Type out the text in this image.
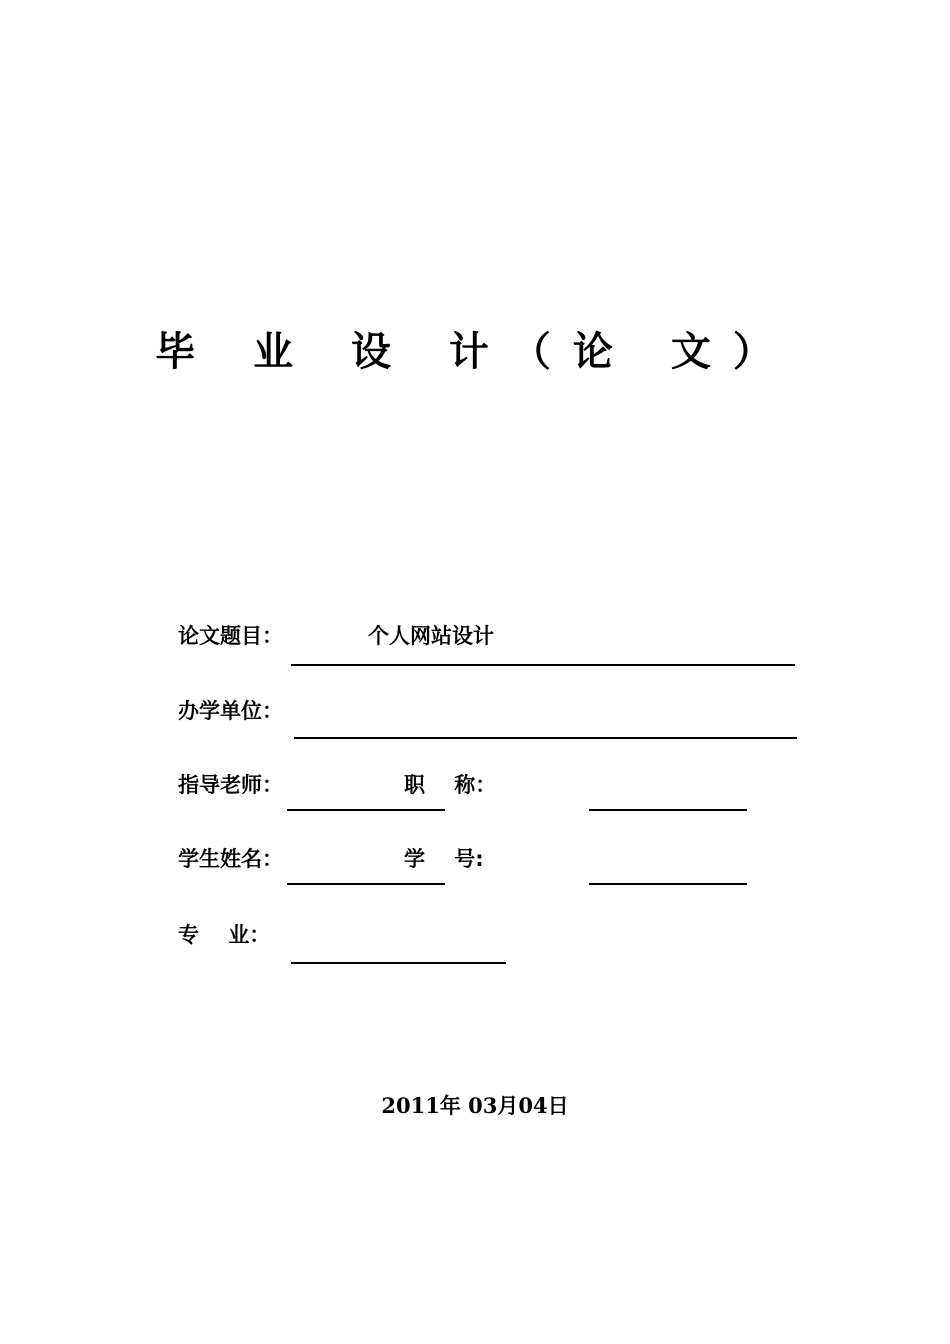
毕 业 设 计（论 文）
论文题目：	个人网站设计
办学单位：
指导老师：	职    称：
学生姓名：	学    号:
专    业：
2011年 03月04日
